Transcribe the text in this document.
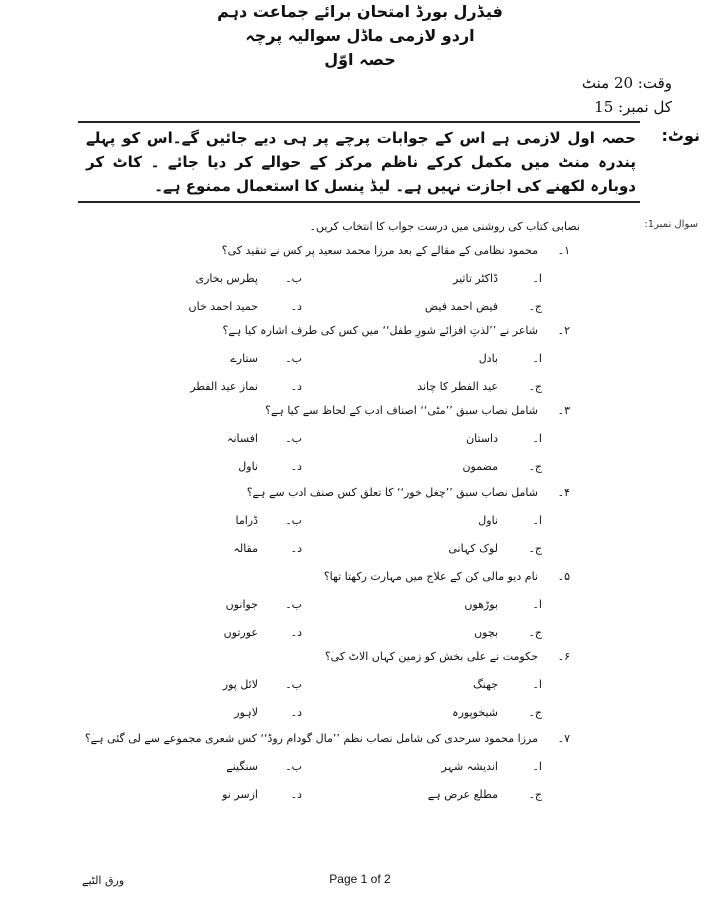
فیڈرل بورڈ امتحان برائے جماعت دہم
اردو لازمی ماڈل سوالیہ پرچہ
حصہ اوّل
وقت: 20 منٹ
کل نمبر: 15
نوٹ:
حصہ اول لازمی ہے اس کے جوابات پرچے پر ہی دیے جائیں گے۔اس کو پہلے پندرہ منٹ میں مکمل کرکے ناظم مرکز کے حوالے کر دیا جائے ۔ کاٹ کر دوبارہ لکھنے کی اجازت نہیں ہے۔ لیڈ پنسل کا استعمال ممنوع ہے۔
سوال نمبر1:
نصابی کتاب کی روشنی میں درست جواب کا انتخاب کریں۔
۱۔
محمود نظامی کے مقالے کے بعد مرزا محمد سعید پر کس نے تنقید کی؟
ا۔
ڈاکٹر تاثیر
ب۔
پطرس بخاری
ج۔
فیض احمد فیض
د۔
حمید احمد خاں
۲۔
شاعر نے ’’لذتِ افزائے شورِ طفل‘‘ میں کس کی طرف اشارہ کیا ہے؟
ا۔
بادل
ب۔
ستارے
ج۔
عید الفطر کا چاند
د۔
نماز عید الفطر
۳۔
شامل نصاب سبق ’’مٹی‘‘ اصناف ادب کے لحاظ سے کیا ہے؟
ا۔
داستان
ب۔
افسانہ
ج۔
مضمون
د۔
ناول
۴۔
شامل نصاب سبق ’’چغل خور‘‘ کا تعلق کس صنف ادب سے ہے؟
ا۔
ناول
ب۔
ڈراما
ج۔
لوک کہانی
د۔
مقالہ
۵۔
نام دیو مالی کن کے علاج میں مہارت رکھتا تھا؟
ا۔
بوڑھوں
ب۔
جوانوں
ج۔
بچوں
د۔
عورتوں
۶۔
حکومت نے علی بخش کو زمین کہاں الاٹ کی؟
ا۔
جھنگ
ب۔
لائل پور
ج۔
شیخوپورہ
د۔
لاہور
۷۔
مرزا محمود سرحدی کی شامل نصاب نظم ’’مال گودام روڈ‘‘ کس شعری مجموعے سے لی گئی ہے؟
ا۔
اندیشہ شہر
ب۔
سنگینے
ج۔
مطلع عرض ہے
د۔
ازسر نو
ورق الٹیے	Page 1 of 2
